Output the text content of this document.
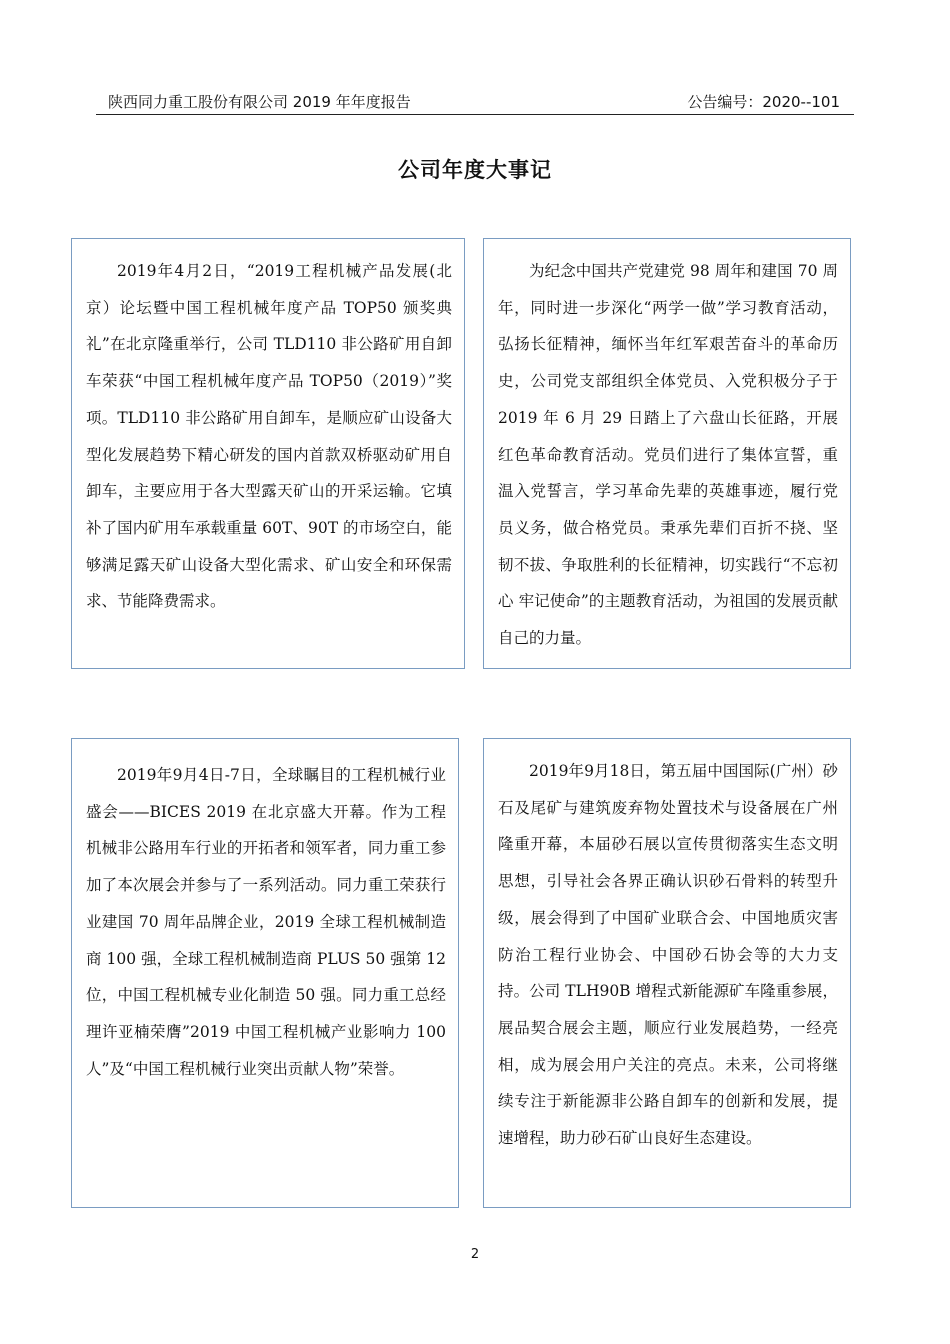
陕西同力重工股份有限公司 2019 年年度报告	公告编号：2020--101
公司年度大事记

2019年4月2日，“2019工程机械产品发展(北京）论坛暨中国工程机械年度产品 TOP50 颁奖典礼”在北京隆重举行，公司 TLD110 非公路矿用自卸车荣获“中国工程机械年度产品 TOP50（2019）”奖项。TLD110 非公路矿用自卸车，是顺应矿山设备大型化发展趋势下精心研发的国内首款双桥驱动矿用自卸车，主要应用于各大型露天矿山的开采运输。它填补了国内矿用车承载重量 60T、90T 的市场空白，能够满足露天矿山设备大型化需求、矿山安全和环保需求、节能降费需求。

为纪念中国共产党建党 98 周年和建国 70 周年，同时进一步深化“两学一做”学习教育活动，弘扬长征精神，缅怀当年红军艰苦奋斗的革命历史，公司党支部组织全体党员、入党积极分子于 2019 年 6 月 29 日踏上了六盘山长征路，开展红色革命教育活动。党员们进行了集体宣誓，重温入党誓言，学习革命先辈的英雄事迹，履行党员义务，做合格党员。秉承先辈们百折不挠、坚韧不拔、争取胜利的长征精神，切实践行“不忘初心 牢记使命”的主题教育活动，为祖国的发展贡献自己的力量。

2019年9月4日-7日，全球瞩目的工程机械行业盛会——BICES 2019 在北京盛大开幕。作为工程机械非公路用车行业的开拓者和领军者，同力重工参加了本次展会并参与了一系列活动。同力重工荣获行业建国 70 周年品牌企业，2019 全球工程机械制造商 100 强，全球工程机械制造商 PLUS 50 强第 12 位，中国工程机械专业化制造 50 强。同力重工总经理许亚楠荣膺”2019 中国工程机械产业影响力 100 人”及“中国工程机械行业突出贡献人物”荣誉。

2019年9月18日，第五届中国国际(广州）砂石及尾矿与建筑废弃物处置技术与设备展在广州隆重开幕，本届砂石展以宣传贯彻落实生态文明思想，引导社会各界正确认识砂石骨料的转型升级，展会得到了中国矿业联合会、中国地质灾害防治工程行业协会、中国砂石协会等的大力支持。公司 TLH90B 增程式新能源矿车隆重参展，展品契合展会主题，顺应行业发展趋势，一经亮相，成为展会用户关注的亮点。未来，公司将继续专注于新能源非公路自卸车的创新和发展，提速增程，助力砂石矿山良好生态建设。

2
